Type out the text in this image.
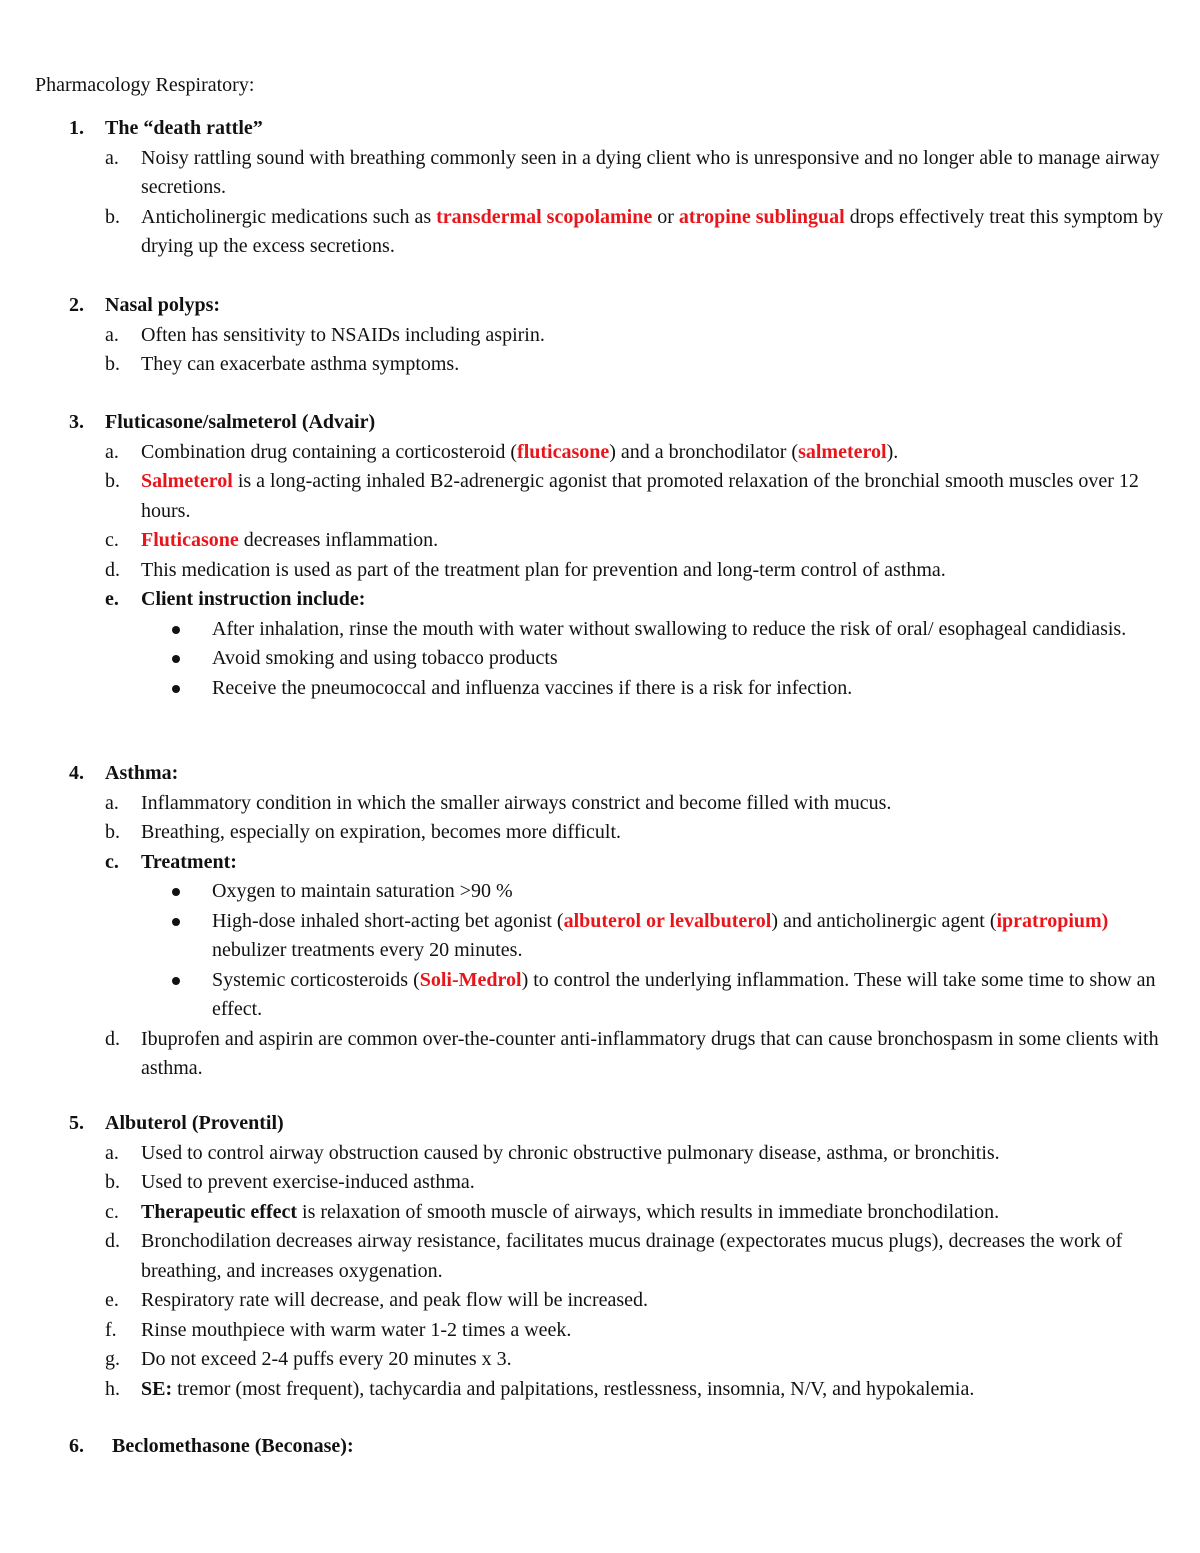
Pharmacology Respiratory:
1. The “death rattle”
a. Noisy rattling sound with breathing commonly seen in a dying client who is unresponsive and no longer able to manage airway secretions.
b. Anticholinergic medications such as transdermal scopolamine or atropine sublingual drops effectively treat this symptom by drying up the excess secretions.
2. Nasal polyps:
a. Often has sensitivity to NSAIDs including aspirin.
b. They can exacerbate asthma symptoms.
3. Fluticasone/salmeterol (Advair)
a. Combination drug containing a corticosteroid (fluticasone) and a bronchodilator (salmeterol).
b. Salmeterol is a long-acting inhaled B2-adrenergic agonist that promoted relaxation of the bronchial smooth muscles over 12 hours.
c. Fluticasone decreases inflammation.
d. This medication is used as part of the treatment plan for prevention and long-term control of asthma.
e. Client instruction include:
After inhalation, rinse the mouth with water without swallowing to reduce the risk of oral/ esophageal candidiasis.
Avoid smoking and using tobacco products
Receive the pneumococcal and influenza vaccines if there is a risk for infection.
4. Asthma:
a. Inflammatory condition in which the smaller airways constrict and become filled with mucus.
b. Breathing, especially on expiration, becomes more difficult.
c. Treatment:
Oxygen to maintain saturation >90 %
High-dose inhaled short-acting bet agonist (albuterol or levalbuterol) and anticholinergic agent (ipratropium) nebulizer treatments every 20 minutes.
Systemic corticosteroids (Soli-Medrol) to control the underlying inflammation. These will take some time to show an effect.
d. Ibuprofen and aspirin are common over-the-counter anti-inflammatory drugs that can cause bronchospasm in some clients with asthma.
5. Albuterol (Proventil)
a. Used to control airway obstruction caused by chronic obstructive pulmonary disease, asthma, or bronchitis.
b. Used to prevent exercise-induced asthma.
c. Therapeutic effect is relaxation of smooth muscle of airways, which results in immediate bronchodilation.
d. Bronchodilation decreases airway resistance, facilitates mucus drainage (expectorates mucus plugs), decreases the work of breathing, and increases oxygenation.
e. Respiratory rate will decrease, and peak flow will be increased.
f. Rinse mouthpiece with warm water 1-2 times a week.
g. Do not exceed 2-4 puffs every 20 minutes x 3.
h. SE: tremor (most frequent), tachycardia and palpitations, restlessness, insomnia, N/V, and hypokalemia.
6. Beclomethasone (Beconase):
